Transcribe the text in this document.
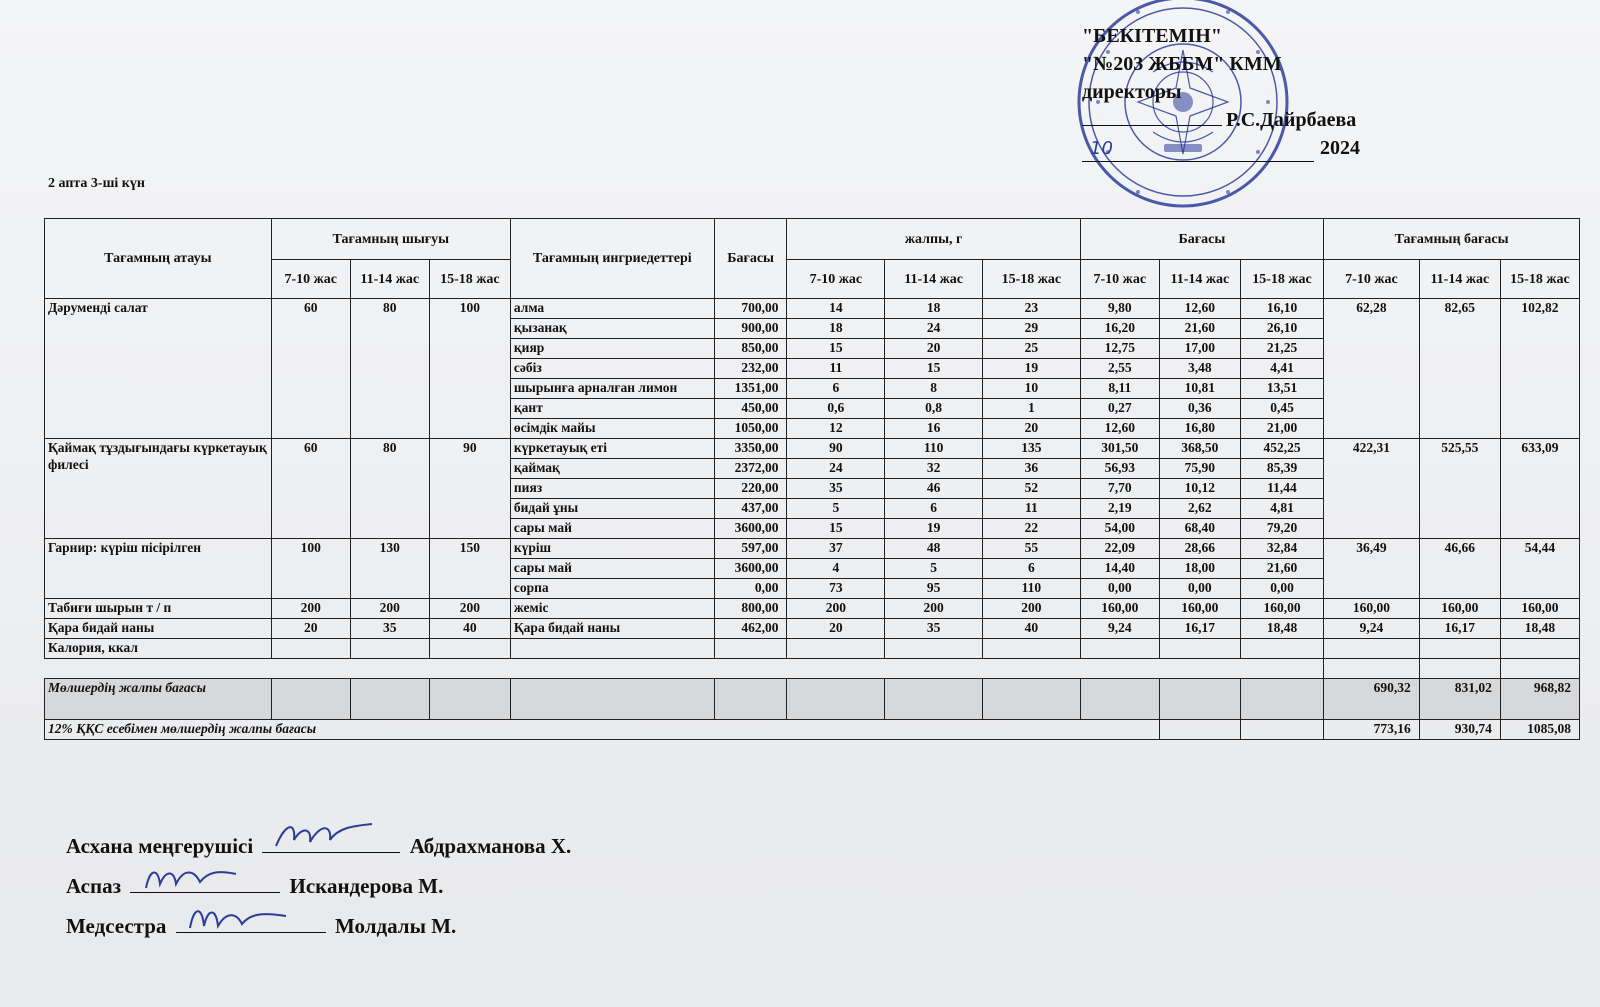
"БЕКІТЕМІН"
"№203 ЖББМ" КММ
директоры
Р.С.Дайрбаева
10	2024
2 апта 3-ші күн
Тағамның атауы	Тағамның шығуы			Тағамның ингриедеттері	Бағасы	жалпы, г			Бағасы			Тағамның бағасы		
	7-10 жас	11-14 жас	15-18 жас			7-10 жас	11-14 жас	15-18 жас	7-10 жас	11-14 жас	15-18 жас	7-10 жас	11-14 жас	15-18 жас
Дәруменді салат	60	80	100	алма	700,00	14	18	23	9,80	12,60	16,10	62,28	82,65	102,82
				қызанақ	900,00	18	24	29	16,20	21,60	26,10			
				қияр	850,00	15	20	25	12,75	17,00	21,25			
				сәбіз	232,00	11	15	19	2,55	3,48	4,41			
				шырынға арналған лимон	1351,00	6	8	10	8,11	10,81	13,51			
				қант	450,00	0,6	0,8	1	0,27	0,36	0,45			
				өсімдік майы	1050,00	12	16	20	12,60	16,80	21,00			
Қаймақ тұздығындағы күркетауық филесі	60	80	90	күркетауық еті	3350,00	90	110	135	301,50	368,50	452,25	422,31	525,55	633,09
				қаймақ	2372,00	24	32	36	56,93	75,90	85,39			
				пияз	220,00	35	46	52	7,70	10,12	11,44			
				бидай ұны	437,00	5	6	11	2,19	2,62	4,81			
				сары май	3600,00	15	19	22	54,00	68,40	79,20			
Гарнир: күріш пісірілген	100	130	150	күріш	597,00	37	48	55	22,09	28,66	32,84	36,49	46,66	54,44
				сары май	3600,00	4	5	6	14,40	18,00	21,60			
				сорпа	0,00	73	95	110	0,00	0,00	0,00			
Табиғи шырын т / п	200	200	200	жеміс	800,00	200	200	200	160,00	160,00	160,00	160,00	160,00	160,00
Қара бидай наны	20	35	40	Қара бидай наны	462,00	20	35	40	9,24	16,17	18,48	9,24	16,17	18,48
Калория, ккал														

Мөлшердің жалпы бағасы												690,32	831,02	968,82
12% ҚҚС есебімен мөлшердің жалпы бағасы												773,16	930,74	1085,08
Асхана меңгерушісі	Абдрахманова Х.
Аспаз	Искандерова М.
Медсестра	Молдалы М.
